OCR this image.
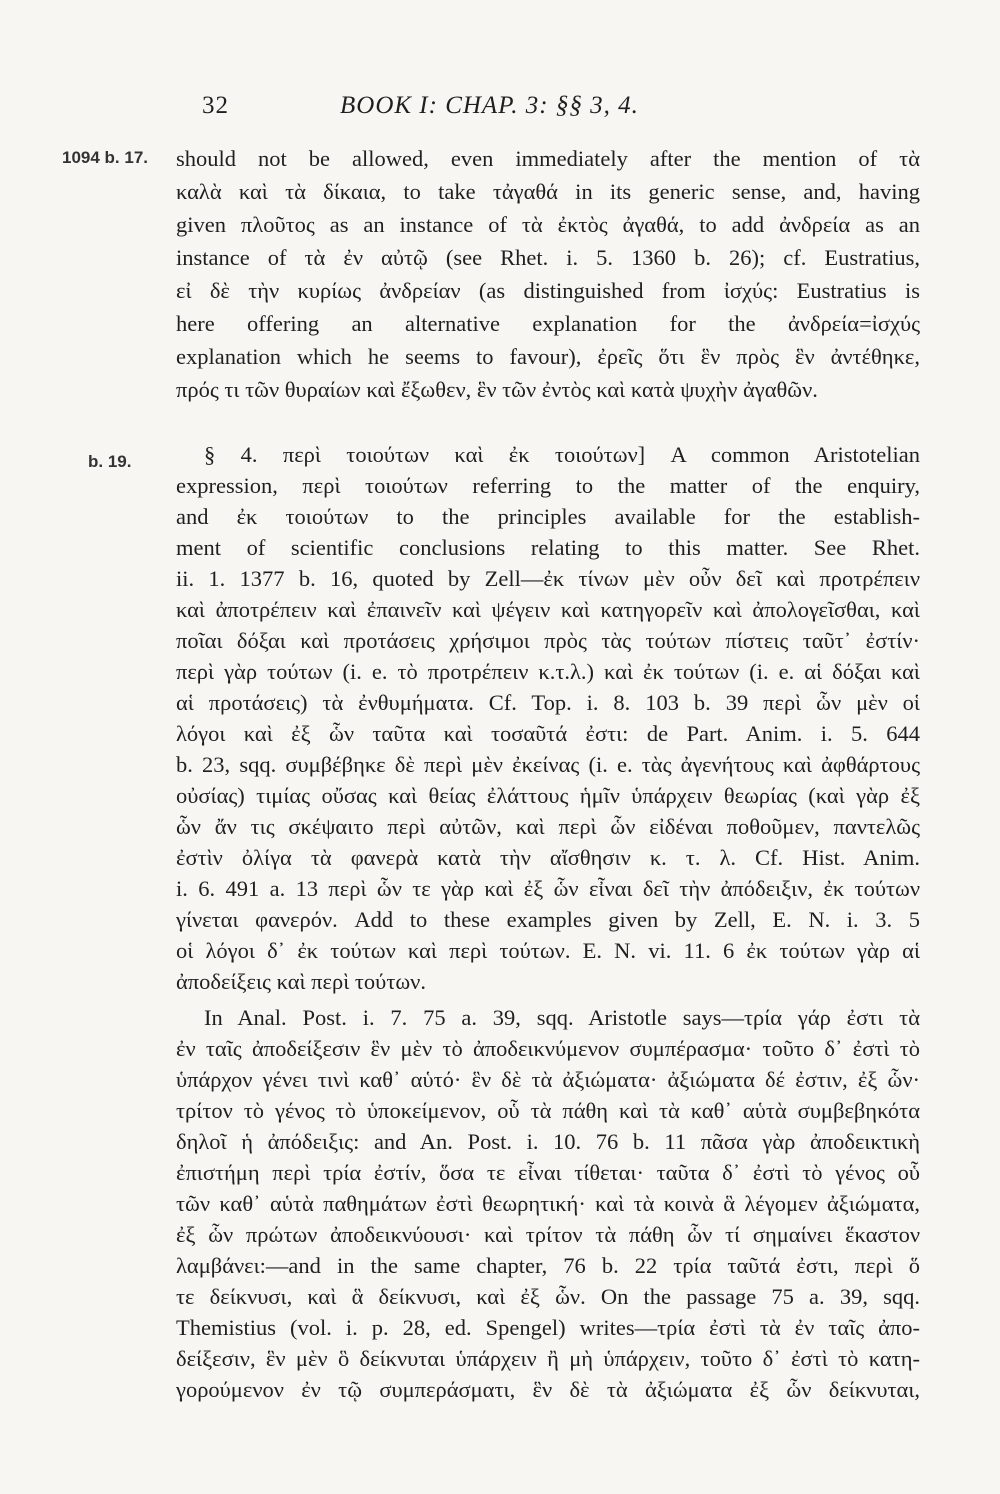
32	BOOK I: CHAP. 3: §§ 3, 4.
1094 b. 17.
b. 19.
should not be allowed, even immediately after the mention of τὰ
καλὰ καὶ τὰ δίκαια, to take τἀγαθά in its generic sense, and, having
given πλοῦτος as an instance of τὰ ἐκτὸς ἀγαθά, to add ἀνδρεία as an
instance of τὰ ἐν αὐτῷ (see Rhet. i. 5. 1360 b. 26); cf. Eustratius,
εἰ δὲ τὴν κυρίως ἀνδρείαν (as distinguished from ἰσχύς: Eustratius is
here offering an alternative explanation for the ἀνδρεία=ἰσχύς
explanation which he seems to favour), ἐρεῖς ὅτι ἓν πρὸς ἓν ἀντέθηκε,
πρός τι τῶν θυραίων καὶ ἔξωθεν, ἓν τῶν ἐντὸς καὶ κατὰ ψυχὴν ἀγαθῶν.
§ 4. περὶ τοιούτων καὶ ἐκ τοιούτων] A common Aristotelian
expression, περὶ τοιούτων referring to the matter of the enquiry,
and ἐκ τοιούτων to the principles available for the establish-
ment of scientific conclusions relating to this matter. See Rhet.
ii. 1. 1377 b. 16, quoted by Zell—ἐκ τίνων μὲν οὖν δεῖ καὶ προτρέπειν
καὶ ἀποτρέπειν καὶ ἐπαινεῖν καὶ ψέγειν καὶ κατηγορεῖν καὶ ἀπολογεῖσθαι, καὶ
ποῖαι δόξαι καὶ προτάσεις χρήσιμοι πρὸς τὰς τούτων πίστεις ταῦτ᾽ ἐστίν·
περὶ γὰρ τούτων (i. e. τὸ προτρέπειν κ.τ.λ.) καὶ ἐκ τούτων (i. e. αἱ δόξαι καὶ
αἱ προτάσεις) τὰ ἐνθυμήματα. Cf. Top. i. 8. 103 b. 39 περὶ ὧν μὲν οἱ
λόγοι καὶ ἐξ ὧν ταῦτα καὶ τοσαῦτά ἐστι: de Part. Anim. i. 5. 644
b. 23, sqq. συμβέβηκε δὲ περὶ μὲν ἐκείνας (i. e. τὰς ἀγενήτους καὶ ἀφθάρτους
οὐσίας) τιμίας οὔσας καὶ θείας ἐλάττους ἡμῖν ὑπάρχειν θεωρίας (καὶ γὰρ ἐξ
ὧν ἄν τις σκέψαιτο περὶ αὐτῶν, καὶ περὶ ὧν εἰδέναι ποθοῦμεν, παντελῶς
ἐστὶν ὀλίγα τὰ φανερὰ κατὰ τὴν αἴσθησιν κ. τ. λ. Cf. Hist. Anim.
i. 6. 491 a. 13 περὶ ὧν τε γὰρ καὶ ἐξ ὧν εἶναι δεῖ τὴν ἀπόδειξιν, ἐκ τούτων
γίνεται φανερόν. Add to these examples given by Zell, E. N. i. 3. 5
οἱ λόγοι δ᾽ ἐκ τούτων καὶ περὶ τούτων. E. N. vi. 11. 6 ἐκ τούτων γὰρ αἱ
ἀποδείξεις καὶ περὶ τούτων.
In Anal. Post. i. 7. 75 a. 39, sqq. Aristotle says—τρία γάρ ἐστι τὰ
ἐν ταῖς ἀποδείξεσιν ἓν μὲν τὸ ἀποδεικνύμενον συμπέρασμα· τοῦτο δ᾽ ἐστὶ τὸ
ὑπάρχον γένει τινὶ καθ᾽ αὑτό· ἓν δὲ τὰ ἀξιώματα· ἀξιώματα δέ ἐστιν, ἐξ ὧν·
τρίτον τὸ γένος τὸ ὑποκείμενον, οὗ τὰ πάθη καὶ τὰ καθ᾽ αὑτὰ συμβεβηκότα
δηλοῖ ἡ ἀπόδειξις: and An. Post. i. 10. 76 b. 11 πᾶσα γὰρ ἀποδεικτικὴ
ἐπιστήμη περὶ τρία ἐστίν, ὅσα τε εἶναι τίθεται· ταῦτα δ᾽ ἐστὶ τὸ γένος οὗ
τῶν καθ᾽ αὑτὰ παθημάτων ἐστὶ θεωρητική· καὶ τὰ κοινὰ ἃ λέγομεν ἀξιώματα,
ἐξ ὧν πρώτων ἀποδεικνύουσι· καὶ τρίτον τὰ πάθη ὧν τί σημαίνει ἕκαστον
λαμβάνει:—and in the same chapter, 76 b. 22 τρία ταῦτά ἐστι, περὶ ὅ
τε δείκνυσι, καὶ ἃ δείκνυσι, καὶ ἐξ ὧν. On the passage 75 a. 39, sqq.
Themistius (vol. i. p. 28, ed. Spengel) writes—τρία ἐστὶ τὰ ἐν ταῖς ἀπο-
δείξεσιν, ἓν μὲν ὃ δείκνυται ὑπάρχειν ἢ μὴ ὑπάρχειν, τοῦτο δ᾽ ἐστὶ τὸ κατη-
γορούμενον ἐν τῷ συμπεράσματι, ἓν δὲ τὰ ἀξιώματα ἐξ ὧν δείκνυται,
